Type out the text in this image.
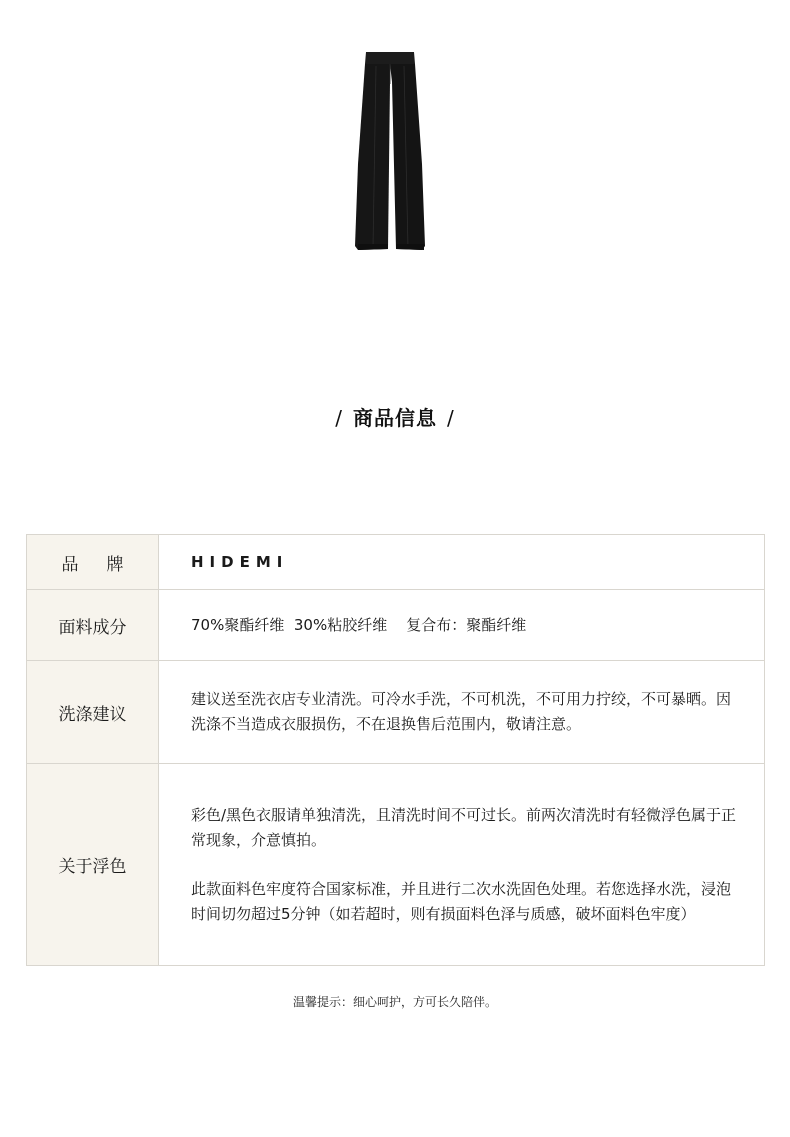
/ 商品信息 /
品牌	HIDEMI
面料成分	70%聚酯纤维  30%粘胶纤维    复合布：聚酯纤维
洗涤建议	建议送至洗衣店专业清洗。可冷水手洗，不可机洗，不可用力拧绞，不可暴晒。因洗涤不当造成衣服损伤，不在退换售后范围内，敬请注意。

关于浮色	彩色/黑色衣服请单独清洗，且清洗时间不可过长。前两次清洗时有轻微浮色属于正常现象，介意慎拍。
此款面料色牢度符合国家标准，并且进行二次水洗固色处理。若您选择水洗，浸泡时间切勿超过5分钟（如若超时，则有损面料色泽与质感，破坏面料色牢度）
温馨提示：细心呵护，方可长久陪伴。
